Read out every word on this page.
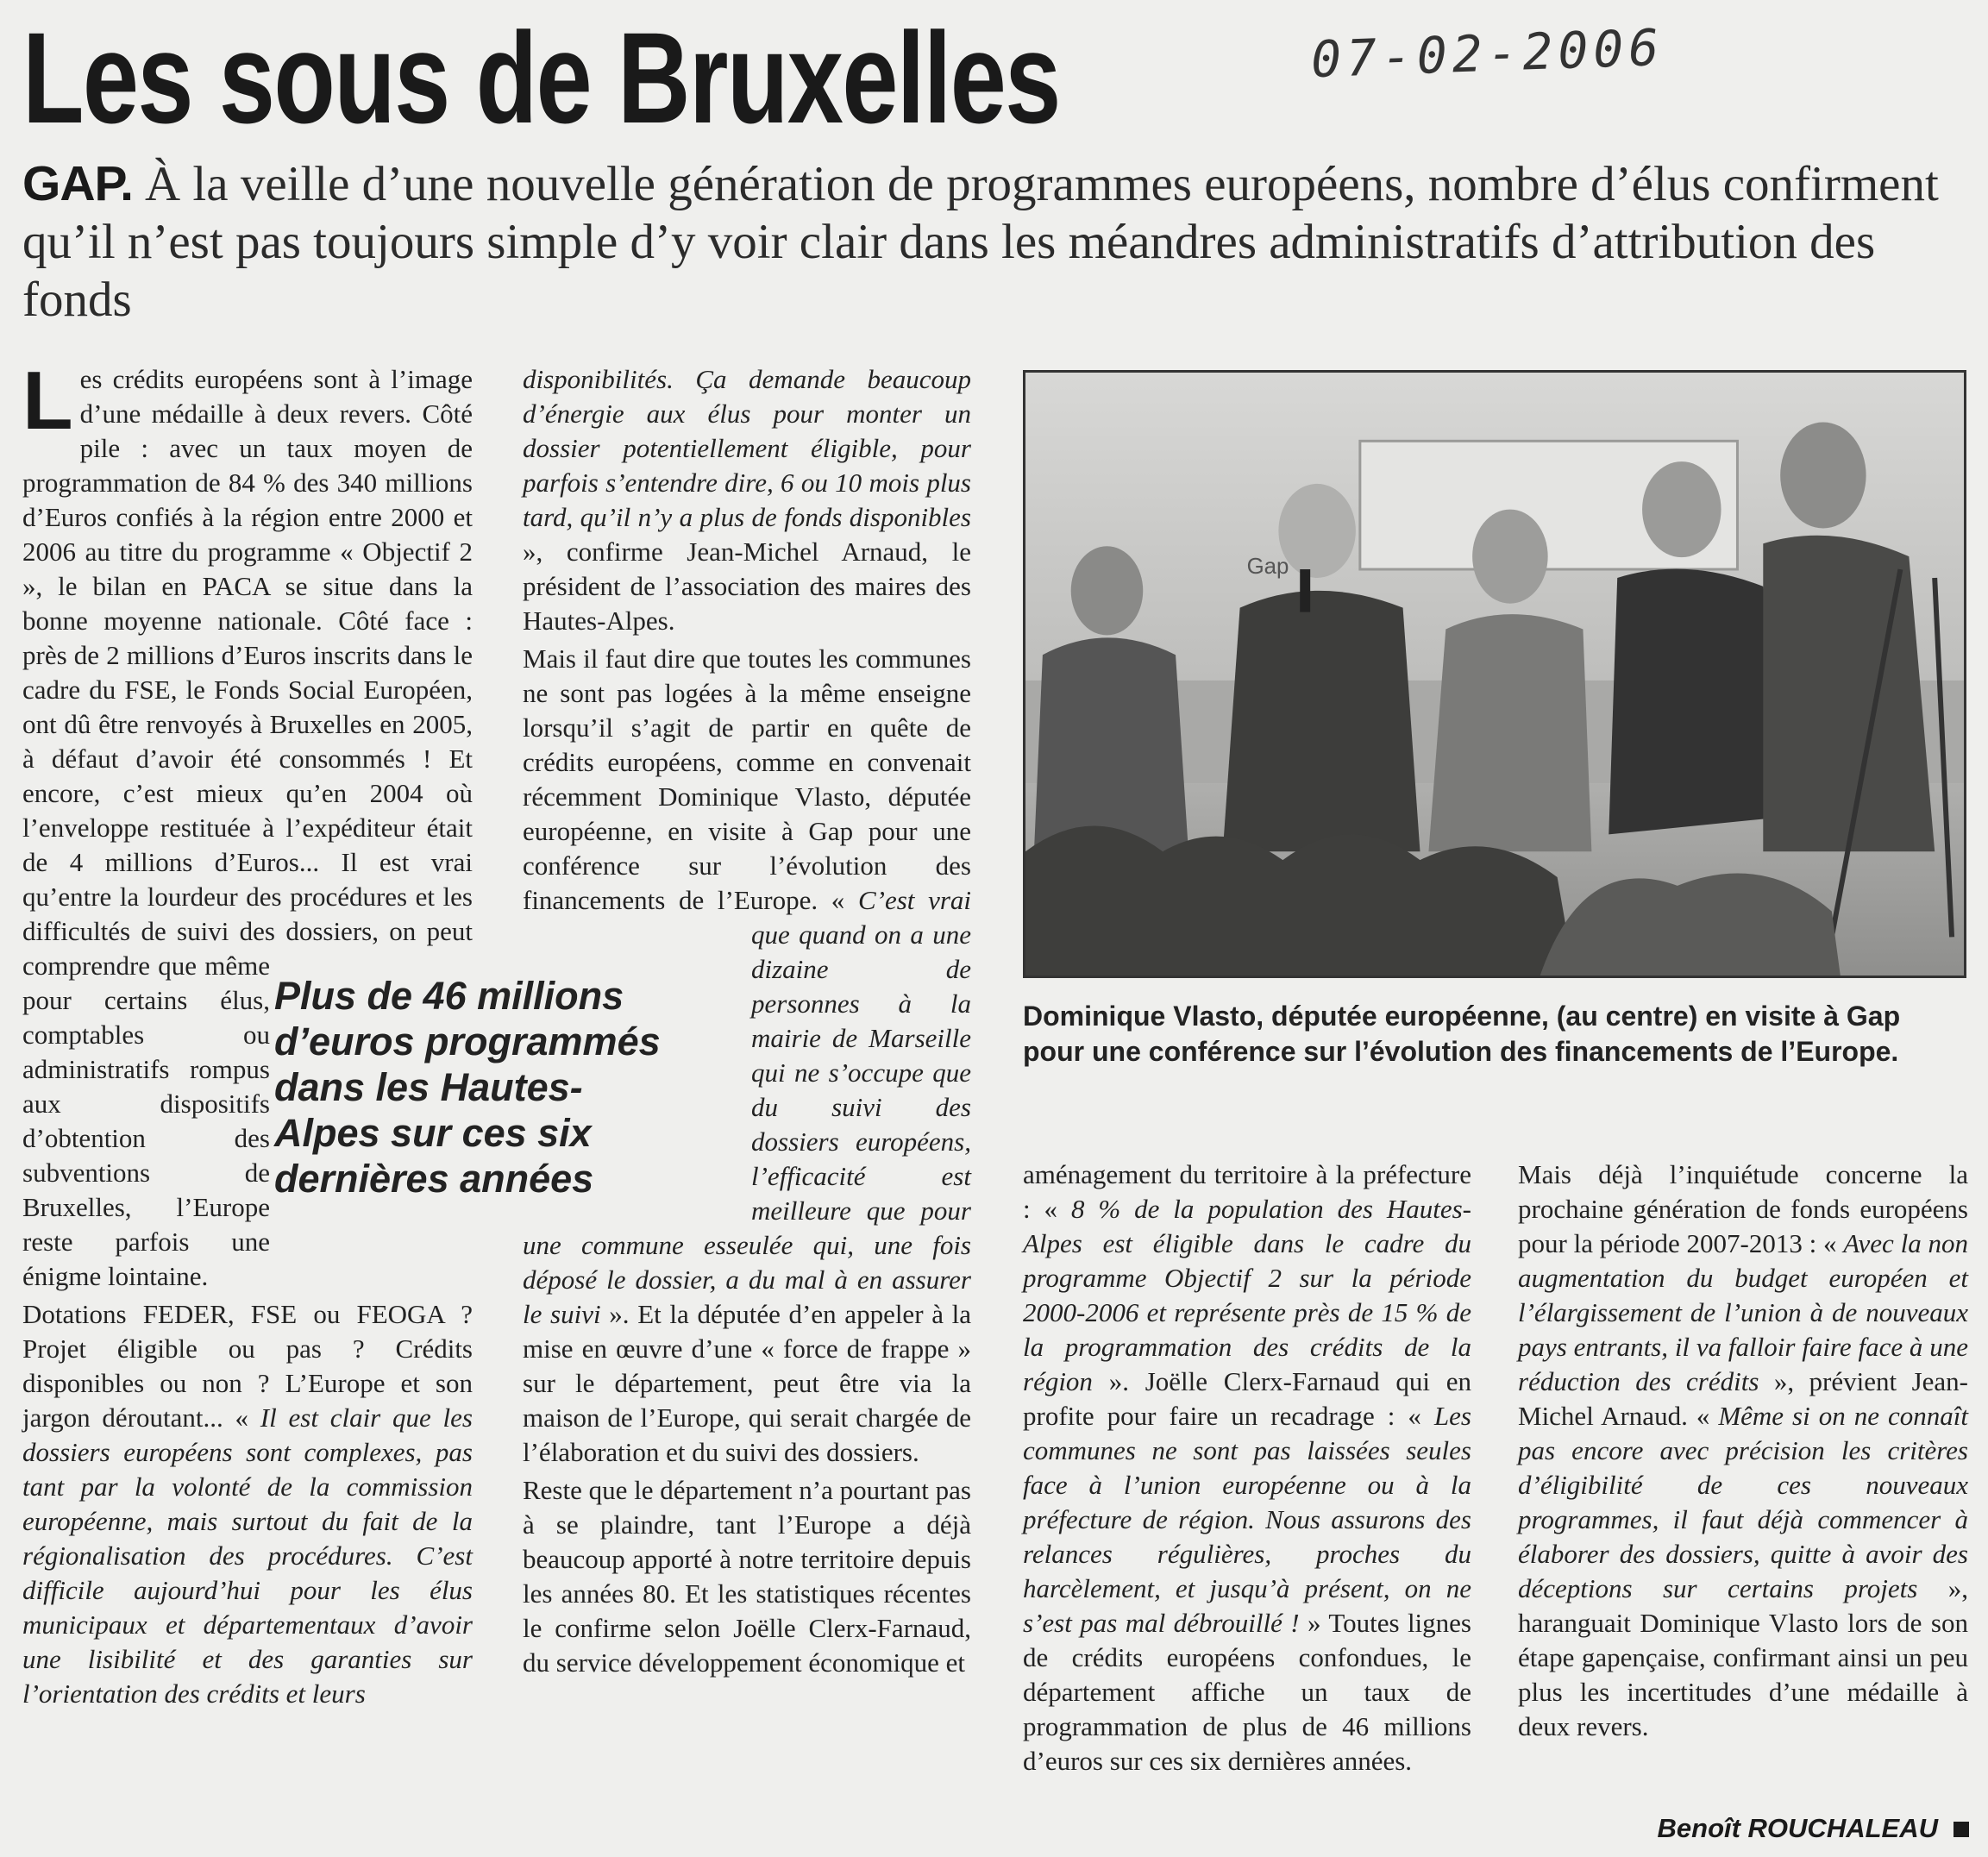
07-02-2006
Les sous de Bruxelles

GAP. À la veille d’une nouvelle génération de programmes européens, nombre d’élus confirment qu’il n’est pas toujours simple d’y voir clair dans les méandres administratifs d’attribution des fonds

Les crédits européens sont à l’image d’une médaille à deux revers. Côté pile : avec un taux moyen de programmation de 84 % des 340 millions d’Euros confiés à la région entre 2000 et 2006 au titre du programme « Objectif 2 », le bilan en PACA se situe dans la bonne moyenne nationale. Côté face : près de 2 millions d’Euros inscrits dans le cadre du FSE, le Fonds Social Européen, ont dû être renvoyés à Bruxelles en 2005, à défaut d’avoir été consommés ! Et encore, c’est mieux qu’en 2004 où l’enveloppe restituée à l’expéditeur était de 4 millions d’Euros... Il est vrai qu’entre la lourdeur des procédures et les difficultés de suivi des dossiers, on peut comprendre que même pour certains élus, comptables ou administratifs rompus aux dispositifs d’obtention des subventions de Bruxelles, l’Europe reste parfois une énigme lointaine.

Dotations FEDER, FSE ou FEOGA ? Projet éligible ou pas ? Crédits disponibles ou non ? L’Europe et son jargon déroutant... « Il est clair que les dossiers européens sont complexes, pas tant par la volonté de la commission européenne, mais surtout du fait de la régionalisation des procédures. C’est difficile aujourd’hui pour les élus municipaux et départementaux d’avoir une lisibilité et des garanties sur l’orientation des crédits et leurs

Plus de 46 millions d’euros programmés dans les Hautes-Alpes sur ces six dernières années

disponibilités. Ça demande beaucoup d’énergie aux élus pour monter un dossier potentiellement éligible, pour parfois s’entendre dire, 6 ou 10 mois plus tard, qu’il n’y a plus de fonds disponibles », confirme Jean-Michel Arnaud, le président de l’association des maires des Hautes-Alpes.

Mais il faut dire que toutes les communes ne sont pas logées à la même enseigne lorsqu’il s’agit de partir en quête de crédits européens, comme en convenait récemment Dominique Vlasto, députée européenne, en visite à Gap pour une conférence sur l’évolution des financements de l’Europe. « C’est vrai que quand on a une dizaine de personnes à la mairie de Marseille qui ne s’occupe que du suivi des dossiers européens, l’efficacité est meilleure que pour une commune esseulée qui, une fois déposé le dossier, a du mal à en assurer le suivi ». Et la députée d’en appeler à la mise en œuvre d’une « force de frappe » sur le département, peut être via la maison de l’Europe, qui serait chargée de l’élaboration et du suivi des dossiers.

Reste que le département n’a pourtant pas à se plaindre, tant l’Europe a déjà beaucoup apporté à notre territoire depuis les années 80. Et les statistiques récentes le confirme selon Joëlle Clerx-Farnaud, du service développement économique et

Gap
Dominique Vlasto, députée européenne, (au centre) en visite à Gap pour une conférence sur l’évolution des financements de l’Europe.

aménagement du territoire à la préfecture : « 8 % de la population des Hautes-Alpes est éligible dans le cadre du programme Objectif 2 sur la période 2000-2006 et représente près de 15 % de la programmation des crédits de la région ». Joëlle Clerx-Farnaud qui en profite pour faire un recadrage : « Les communes ne sont pas laissées seules face à l’union européenne ou à la préfecture de région. Nous assurons des relances régulières, proches du harcèlement, et jusqu’à présent, on ne s’est pas mal débrouillé ! » Toutes lignes de crédits européens confondues, le département affiche un taux de programmation de plus de 46 millions d’euros sur ces six dernières années.

Mais déjà l’inquiétude concerne la prochaine génération de fonds européens pour la période 2007-2013 : « Avec la non augmentation du budget européen et l’élargissement de l’union à de nouveaux pays entrants, il va falloir faire face à une réduction des crédits », prévient Jean-Michel Arnaud. « Même si on ne connaît pas encore avec précision les critères d’éligibilité de ces nouveaux programmes, il faut déjà commencer à élaborer des dossiers, quitte à avoir des déceptions sur certains projets », haranguait Dominique Vlasto lors de son étape gapençaise, confirmant ainsi un peu plus les incertitudes d’une médaille à deux revers.

Benoît ROUCHALEAU
